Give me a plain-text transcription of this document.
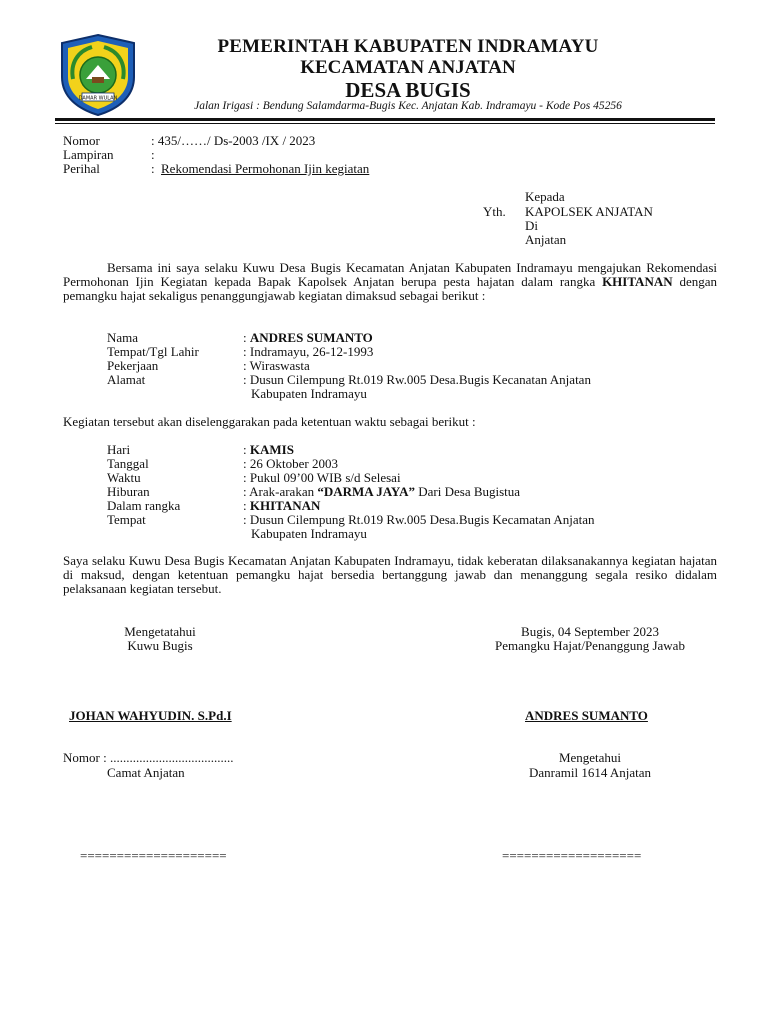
DAMAR WULAN
PEMERINTAH KABUPATEN INDRAMAYU
KECAMATAN ANJATAN
DESA BUGIS
Jalan Irigasi : Bendung Salamdarma-Bugis Kec. Anjatan Kab. Indramayu - Kode Pos 45256
Nomor	: 435/……/ Ds-2003 /IX / 2023
Lampiran	:
Perihal	: Rekomendasi Permohonan Ijin kegiatan
Kepada
Yth. KAPOLSEK ANJATAN
Di
Anjatan
Bersama ini saya selaku Kuwu Desa Bugis Kecamatan Anjatan Kabupaten Indramayu mengajukan Rekomendasi Permohonan Ijin Kegiatan kepada Bapak Kapolsek Anjatan berupa pesta hajatan dalam rangka KHITANAN dengan pemangku hajat sekaligus penanggungjawab kegiatan dimaksud sebagai berikut :
Nama	: ANDRES SUMANTO
Tempat/Tgl Lahir	: Indramayu, 26-12-1993
Pekerjaan	: Wiraswasta
Alamat	: Dusun Cilempung Rt.019 Rw.005 Desa.Bugis Kecanatan Anjatan
Kabupaten Indramayu
Kegiatan tersebut akan diselenggarakan pada ketentuan waktu sebagai berikut :
Hari	: KAMIS
Tanggal	: 26 Oktober 2003
Waktu	: Pukul 09’00 WIB s/d Selesai
Hiburan	: Arak-arakan “DARMA JAYA” Dari Desa Bugistua
Dalam rangka	: KHITANAN
Tempat	: Dusun Cilempung Rt.019 Rw.005 Desa.Bugis Kecamatan Anjatan
Kabupaten Indramayu
Saya selaku Kuwu Desa Bugis Kecamatan Anjatan Kabupaten Indramayu, tidak keberatan dilaksanakannya kegiatan hajatan di maksud, dengan ketentuan pemangku hajat bersedia bertanggung jawab dan menanggung segala resiko didalam pelaksanaan kegiatan tersebut.
Mengetatahui
Kuwu Bugis
Bugis, 04 September 2023
Pemangku Hajat/Penanggung Jawab
JOHAN WAHYUDIN. S.Pd.I	ANDRES SUMANTO
Nomor : ......................................
Camat Anjatan
Mengetahui
Danramil 1614 Anjatan
====================	===================
